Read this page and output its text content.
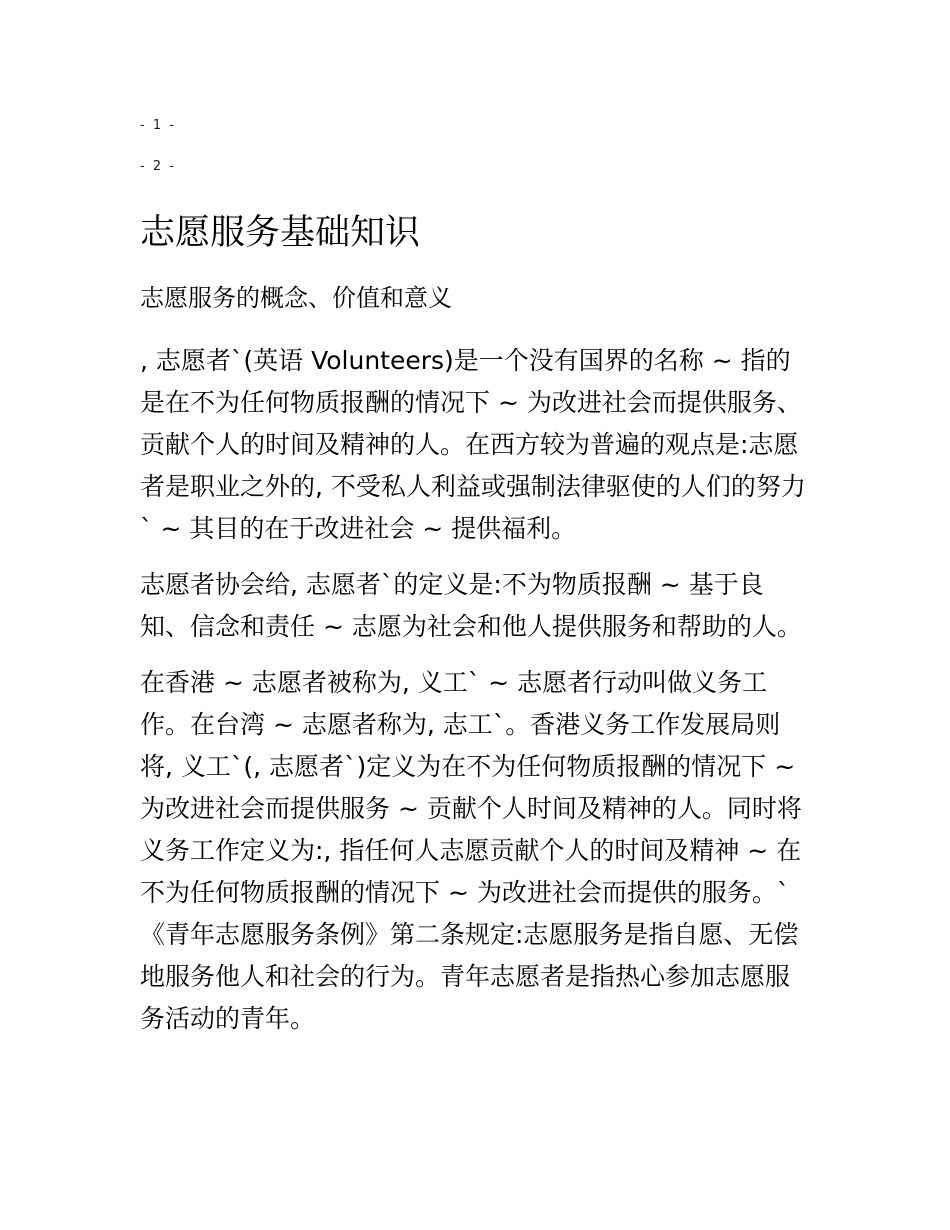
- 1 -
- 2 -
志愿服务基础知识
志愿服务的概念、价值和意义

, 志愿者`(英语 Volunteers)是一个没有国界的名称 ~ 指的是在不为任何物质报酬的情况下 ~ 为改进社会而提供服务、贡献个人的时间及精神的人。在西方较为普遍的观点是:志愿者是职业之外的, 不受私人利益或强制法律驱使的人们的努力` ~ 其目的在于改进社会 ~ 提供福利。

志愿者协会给, 志愿者`的定义是:不为物质报酬 ~ 基于良知、信念和责任 ~ 志愿为社会和他人提供服务和帮助的人。

在香港 ~ 志愿者被称为, 义工` ~ 志愿者行动叫做义务工作。在台湾 ~ 志愿者称为, 志工`。香港义务工作发展局则将, 义工`(, 志愿者`)定义为在不为任何物质报酬的情况下 ~ 为改进社会而提供服务 ~ 贡献个人时间及精神的人。同时将义务工作定义为:, 指任何人志愿贡献个人的时间及精神 ~ 在不为任何物质报酬的情况下 ~ 为改进社会而提供的服务。`《青年志愿服务条例》第二条规定:志愿服务是指自愿、无偿地服务他人和社会的行为。青年志愿者是指热心参加志愿服务活动的青年。
